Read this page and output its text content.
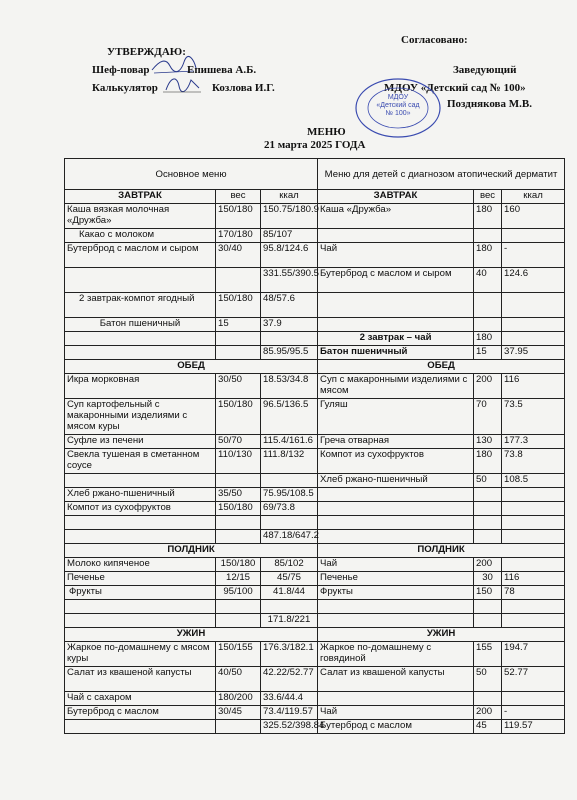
Согласовано:
УТВЕРЖДАЮ:
Шеф-повар	Епишева А.Б.
Калькулятор	Козлова И.Г.
Заведующий
МДОУ «Детский сад № 100»
Позднякова М.В.
МДОУ
«Детский сад
№ 100»
МЕНЮ
21 марта 2025 ГОДА
Основное меню			Меню для детей с диагнозом атопический дерматит		
ЗАВТРАК	вес	ккал	ЗАВТРАК	вес	ккал
Каша вязкая молочная «Дружба»	150/180	150.75/180.9	Каша «Дружба»	180	160
Какао с молоком	170/180	85/107			
Бутерброд с маслом и сыром	30/40	95.8/124.6	Чай	180	-
		331.55/390.5	Бутерброд с маслом и сыром	40	124.6
2 завтрак-компот ягодный	150/180	48/57.6			
Батон пшеничный	15	37.9			
			2 завтрак – чай	180	
		85.95/95.5	Батон пшеничный	15	37.95
ОБЕД			ОБЕД		
Икра морковная	30/50	18.53/34.8	Суп с макаронными изделиями с мясом	200	116
Суп картофельный с макаронными изделиями с мясом куры	150/180	96.5/136.5	Гуляш	70	73.5
Суфле из печени	50/70	115.4/161.6	Греча отварная	130	177.3
Свекла тушеная в сметанном соусе	110/130	111.8/132	Компот из сухофруктов	180	73.8
			Хлеб ржано-пшеничный	50	108.5
Хлеб ржано-пшеничный	35/50	75.95/108.5			
Компот из сухофруктов	150/180	69/73.8			

		487.18/647.2			
ПОЛДНИК			ПОЛДНИК		
Молоко кипяченое	150/180	85/102	Чай	200	
Печенье	12/15	45/75	Печенье	30	116
Фрукты	95/100	41.8/44	Фрукты	150	78

		171.8/221			
УЖИН			УЖИН		
Жаркое по-домашнему с мясом куры	150/155	176.3/182.1	Жаркое по-домашнему с говядиной	155	194.7
Салат из квашеной капусты	40/50	42.22/52.77	Салат из квашеной капусты	50	52.77
Чай с сахаром	180/200	33.6/44.4			
Бутерброд с маслом	30/45	73.4/119.57	Чай	200	-
		325.52/398.84	Бутерброд с маслом	45	119.57
